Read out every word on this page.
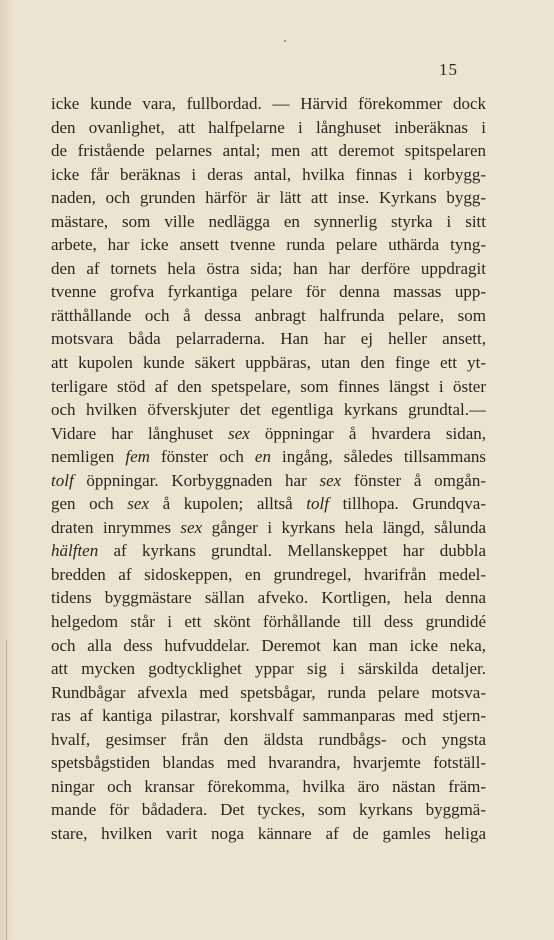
15
icke kunde vara, fullbordad. — Härvid förekommer dock
den ovanlighet, att halfpelarne i långhuset inberäknas i
de fristående pelarnes antal; men att deremot spitspelaren
icke får beräknas i deras antal, hvilka finnas i korbygg-
naden, och grunden härför är lätt att inse. Kyrkans bygg-
mästare, som ville nedlägga en synnerlig styrka i sitt
arbete, har icke ansett tvenne runda pelare uthärda tyng-
den af tornets hela östra sida; han har derföre uppdragit
tvenne grofva fyrkantiga pelare för denna massas upp-
rätthållande och å dessa anbragt halfrunda pelare, som
motsvara båda pelarraderna. Han har ej heller ansett,
att kupolen kunde säkert uppbäras, utan den finge ett yt-
terligare stöd af den spetspelare, som finnes längst i öster
och hvilken öfverskjuter det egentliga kyrkans grundtal.—
Vidare har långhuset sex öppningar å hvardera sidan,
nemligen fem fönster och en ingång, således tillsammans
tolf öppningar. Korbyggnaden har sex fönster å omgån-
gen och sex å kupolen; alltså tolf tillhopa. Grundqva-
draten inrymmes sex gånger i kyrkans hela längd, sålunda
hälften af kyrkans grundtal. Mellanskeppet har dubbla
bredden af sidoskeppen, en grundregel, hvarifrån medel-
tidens byggmästare sällan afveko. Kortligen, hela denna
helgedom står i ett skönt förhållande till dess grundidé
och alla dess hufvuddelar. Deremot kan man icke neka,
att mycken godtycklighet yppar sig i särskilda detaljer.
Rundbågar afvexla med spetsbågar, runda pelare motsva-
ras af kantiga pilastrar, korshvalf sammanparas med stjern-
hvalf, gesimser från den äldsta rundbågs- och yngsta
spetsbågstiden blandas med hvarandra, hvarjemte fotställ-
ningar och kransar förekomma, hvilka äro nästan främ-
mande för bådadera. Det tyckes, som kyrkans byggmä-
stare, hvilken varit noga kännare af de gamles heliga
